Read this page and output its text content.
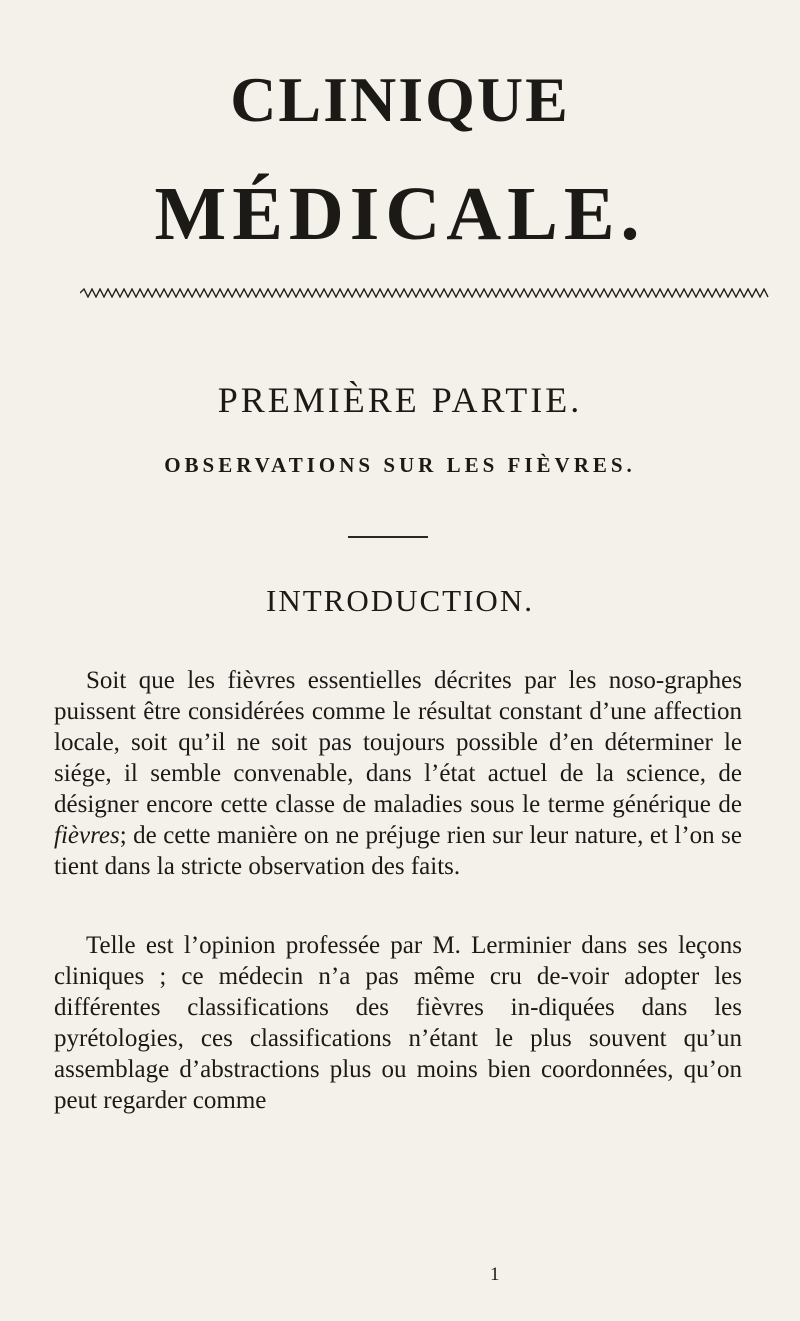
CLINIQUE
MÉDICALE.
PREMIÈRE PARTIE.
OBSERVATIONS SUR LES FIÈVRES.
INTRODUCTION.

Soit que les fièvres essentielles décrites par les noso-graphes puissent être considérées comme le résultat constant d’une affection locale, soit qu’il ne soit pas toujours possible d’en déterminer le siége, il semble convenable, dans l’état actuel de la science, de désigner encore cette classe de maladies sous le terme générique de fièvres; de cette manière on ne préjuge rien sur leur nature, et l’on se tient dans la stricte observation des faits.

Telle est l’opinion professée par M. Lerminier dans ses leçons cliniques ; ce médecin n’a pas même cru de-voir adopter les différentes classifications des fièvres in-diquées dans les pyrétologies, ces classifications n’étant le plus souvent qu’un assemblage d’abstractions plus ou moins bien coordonnées, qu’on peut regarder comme

1
